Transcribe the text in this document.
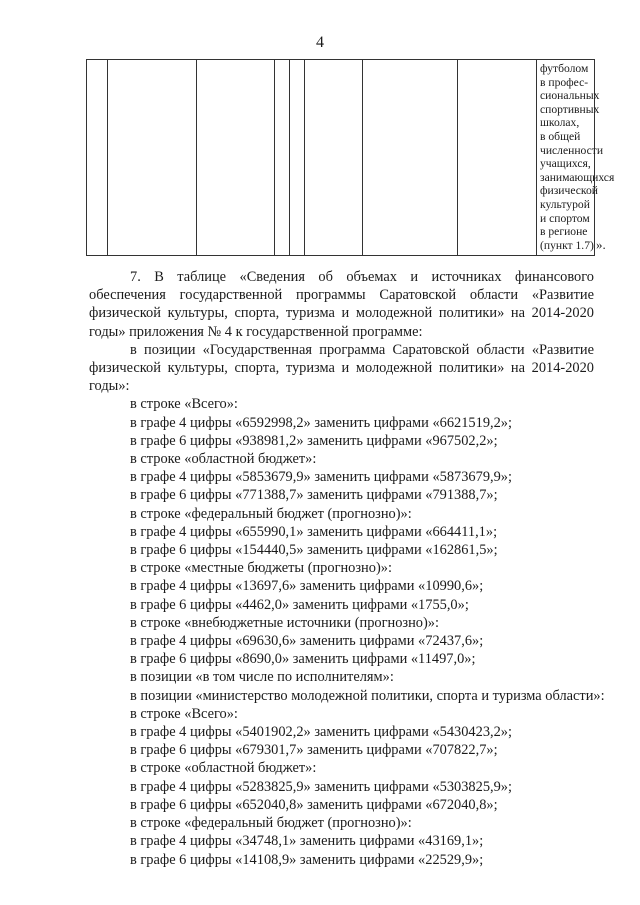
4

футболом
в профес-
сиональных
спортивных
школах,
в общей
численности
учащихся,
занимающихся
физической
культурой
и спортом
в регионе
(пункт 1.7) ».

7. В таблице «Сведения об объемах и источниках финансового обеспечения государственной программы Саратовской области «Развитие физической культуры, спорта, туризма и молодежной политики» на 2014-2020 годы» приложения № 4 к государственной программе:

в позиции «Государственная программа Саратовской области «Развитие физической культуры, спорта, туризма и молодежной политики» на 2014-2020 годы»:

в строке «Всего»:
в графе 4 цифры «6592998,2» заменить цифрами «6621519,2»;
в графе 6 цифры «938981,2» заменить цифрами «967502,2»;
в строке «областной бюджет»:
в графе 4 цифры «5853679,9» заменить цифрами «5873679,9»;
в графе 6 цифры «771388,7» заменить цифрами «791388,7»;
в строке «федеральный бюджет (прогнозно)»:
в графе 4 цифры «655990,1» заменить цифрами «664411,1»;
в графе 6 цифры «154440,5» заменить цифрами «162861,5»;
в строке «местные бюджеты (прогнозно)»:
в графе 4 цифры «13697,6» заменить цифрами «10990,6»;
в графе 6 цифры «4462,0» заменить цифрами «1755,0»;
в строке «внебюджетные источники (прогнозно)»:
в графе 4 цифры «69630,6» заменить цифрами «72437,6»;
в графе 6 цифры «8690,0» заменить цифрами «11497,0»;
в позиции «в том числе по исполнителям»:
в позиции «министерство молодежной политики, спорта и туризма области»:
в строке «Всего»:
в графе 4 цифры «5401902,2» заменить цифрами «5430423,2»;
в графе 6 цифры «679301,7» заменить цифрами «707822,7»;
в строке «областной бюджет»:
в графе 4 цифры «5283825,9» заменить цифрами «5303825,9»;
в графе 6 цифры «652040,8» заменить цифрами «672040,8»;
в строке «федеральный бюджет (прогнозно)»:
в графе 4 цифры «34748,1» заменить цифрами «43169,1»;
в графе 6 цифры «14108,9» заменить цифрами «22529,9»;
